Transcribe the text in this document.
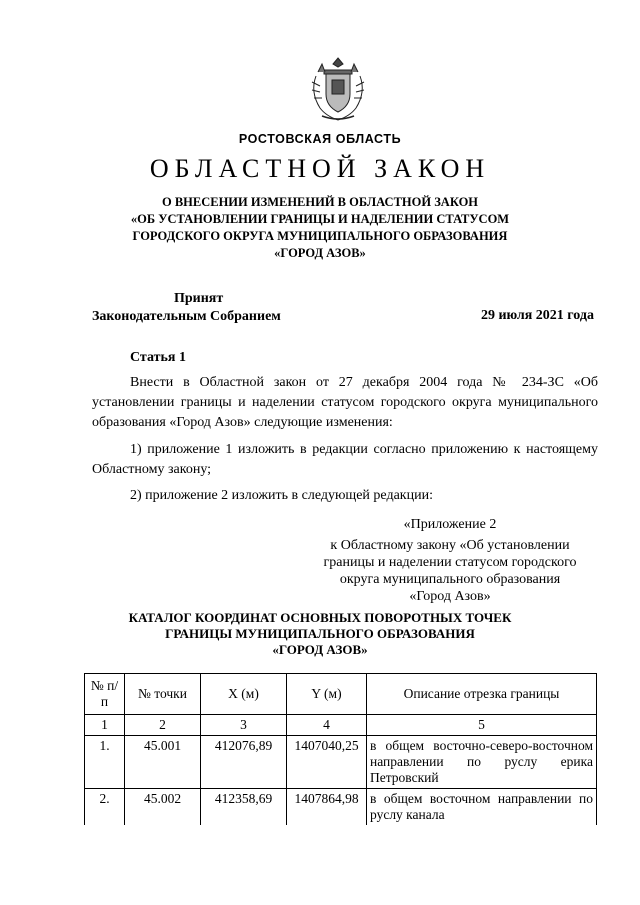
РОСТОВСКАЯ ОБЛАСТЬ
ОБЛАСТНОЙ ЗАКОН
О ВНЕСЕНИИ ИЗМЕНЕНИЙ В ОБЛАСТНОЙ ЗАКОН
«ОБ УСТАНОВЛЕНИИ ГРАНИЦЫ И НАДЕЛЕНИИ СТАТУСОМ
ГОРОДСКОГО ОКРУГА МУНИЦИПАЛЬНОГО ОБРАЗОВАНИЯ
«ГОРОД АЗОВ»
Принят
Законодательным Собранием	29 июля 2021 года
Статья 1
Внести в Областной закон от 27 декабря 2004 года № 234-ЗС «Об установлении границы и наделении статусом городского округа муниципального образования «Город Азов» следующие изменения:
1) приложение 1 изложить в редакции согласно приложению к настоящему Областному закону;
2) приложение 2 изложить в следующей редакции:
«Приложение 2
к Областному закону «Об установлении
границы и наделении статусом городского
округа муниципального образования
«Город Азов»
КАТАЛОГ КООРДИНАТ ОСНОВНЫХ ПОВОРОТНЫХ ТОЧЕК
ГРАНИЦЫ МУНИЦИПАЛЬНОГО ОБРАЗОВАНИЯ
«ГОРОД АЗОВ»
№ п/п	№ точки	X (м)	Y (м)	Описание отрезка границы
1	2	3	4	5
1.	45.001	412076,89	1407040,25	в общем восточно-северо-восточном направлении по руслу ерика Петровский
2.	45.002	412358,69	1407864,98	в общем восточном направлении по руслу канала
